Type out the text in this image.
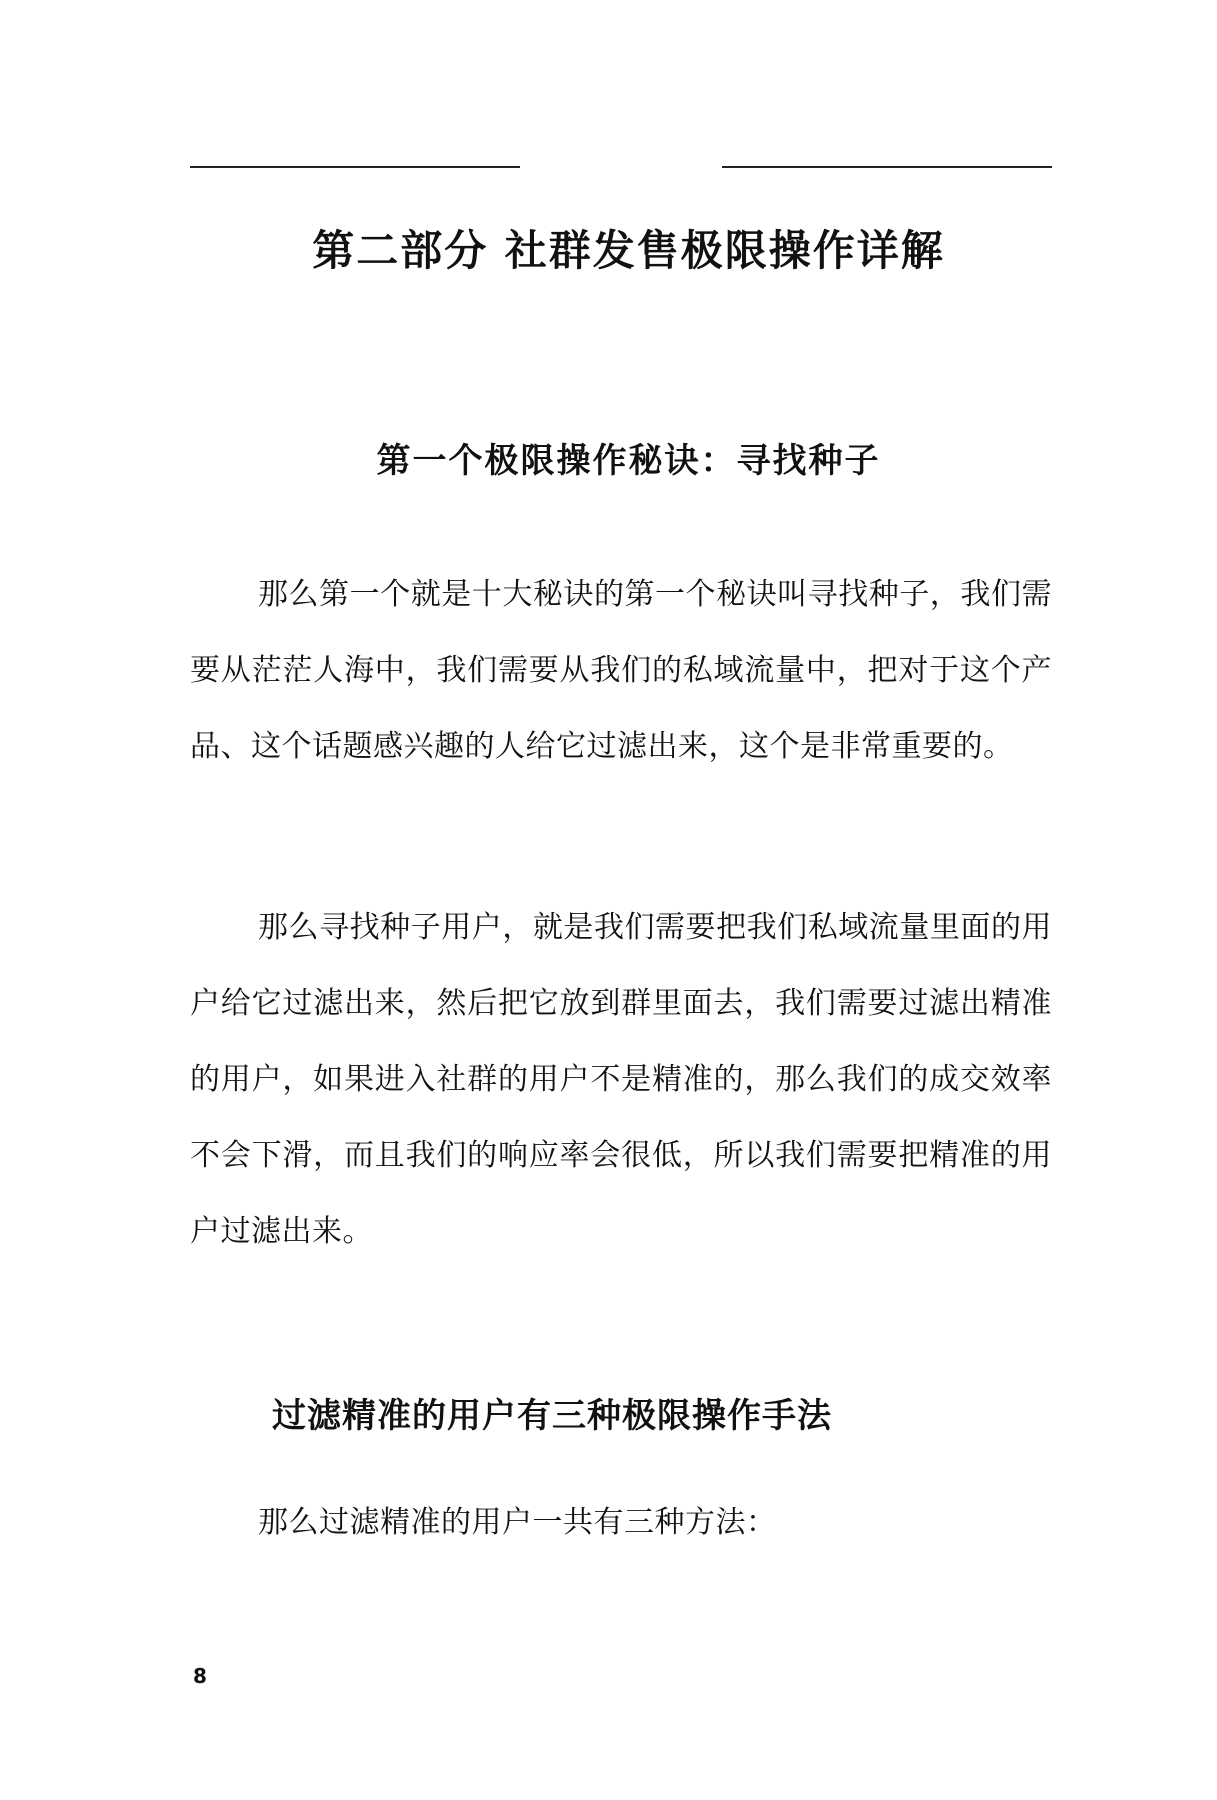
第二部分 社群发售极限操作详解
第一个极限操作秘诀：寻找种子

那么第一个就是十大秘诀的第一个秘诀叫寻找种子，我们需要从茫茫人海中，我们需要从我们的私域流量中，把对于这个产品、这个话题感兴趣的人给它过滤出来，这个是非常重要的。

那么寻找种子用户，就是我们需要把我们私域流量里面的用户给它过滤出来，然后把它放到群里面去，我们需要过滤出精准的用户，如果进入社群的用户不是精准的，那么我们的成交效率不会下滑，而且我们的响应率会很低，所以我们需要把精准的用户过滤出来。

过滤精准的用户有三种极限操作手法
那么过滤精准的用户一共有三种方法：
8
